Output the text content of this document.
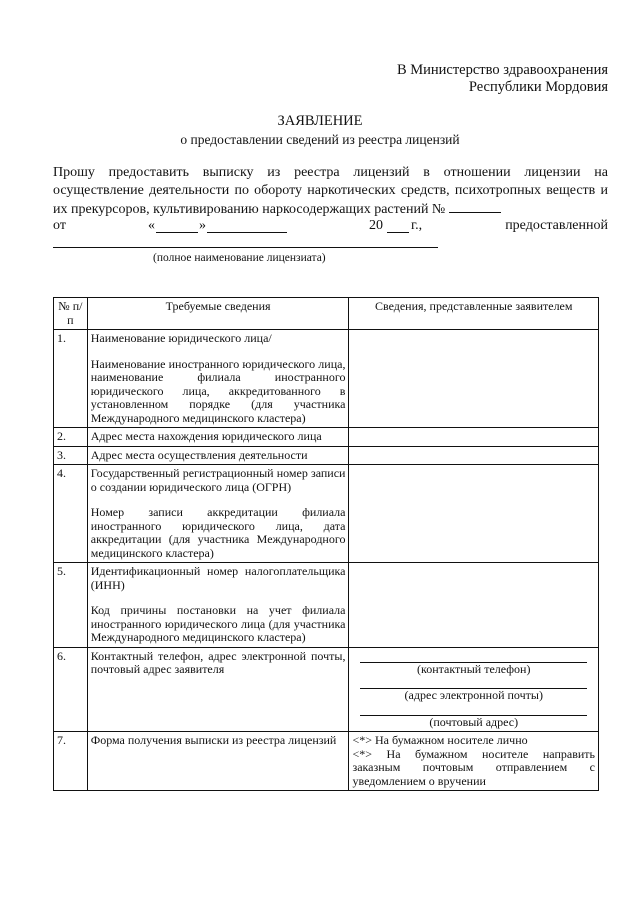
В Министерство здравоохранения
Республики Мордовия
ЗАЯВЛЕНИЕ
о предоставлении сведений из реестра лицензий

Прошу предоставить выписку из реестра лицензий в отношении лицензии на осуществление деятельности по обороту наркотических средств, психотропных веществ и их прекурсоров, культивированию наркосодержащих растений №

от	«	»	20 г.,	предоставленной
(полное наименование лицензиата)
№ п/п	Требуемые сведения	Сведения, представленные заявителем
1.	Наименование юридического лица/
Наименование иностранного юридического лица, наименование филиала иностранного юридического лица, аккредитованного в установленном порядке (для участника Международного медицинского кластера)	

2.	Адрес места нахождения юридического лица	
3.	Адрес места осуществления деятельности	
4.	Государственный регистрационный номер записи о создании юридического лица (ОГРН)
Номер записи аккредитации филиала иностранного юридического лица, дата аккредитации (для участника Международного медицинского кластера)	

5.	Идентификационный номер налогоплательщика (ИНН)
Код причины постановки на учет филиала иностранного юридического лица (для участника Международного медицинского кластера)	

6.	Контактный телефон, адрес электронной почты, почтовый адрес заявителя	(контактный телефон)
(адрес электронной почты)
(почтовый адрес)

7.	Форма получения выписки из реестра лицензий	<*> На бумажном носителе лично
<*> На бумажном носителе направить заказным почтовым отправлением с уведомлением о вручении
